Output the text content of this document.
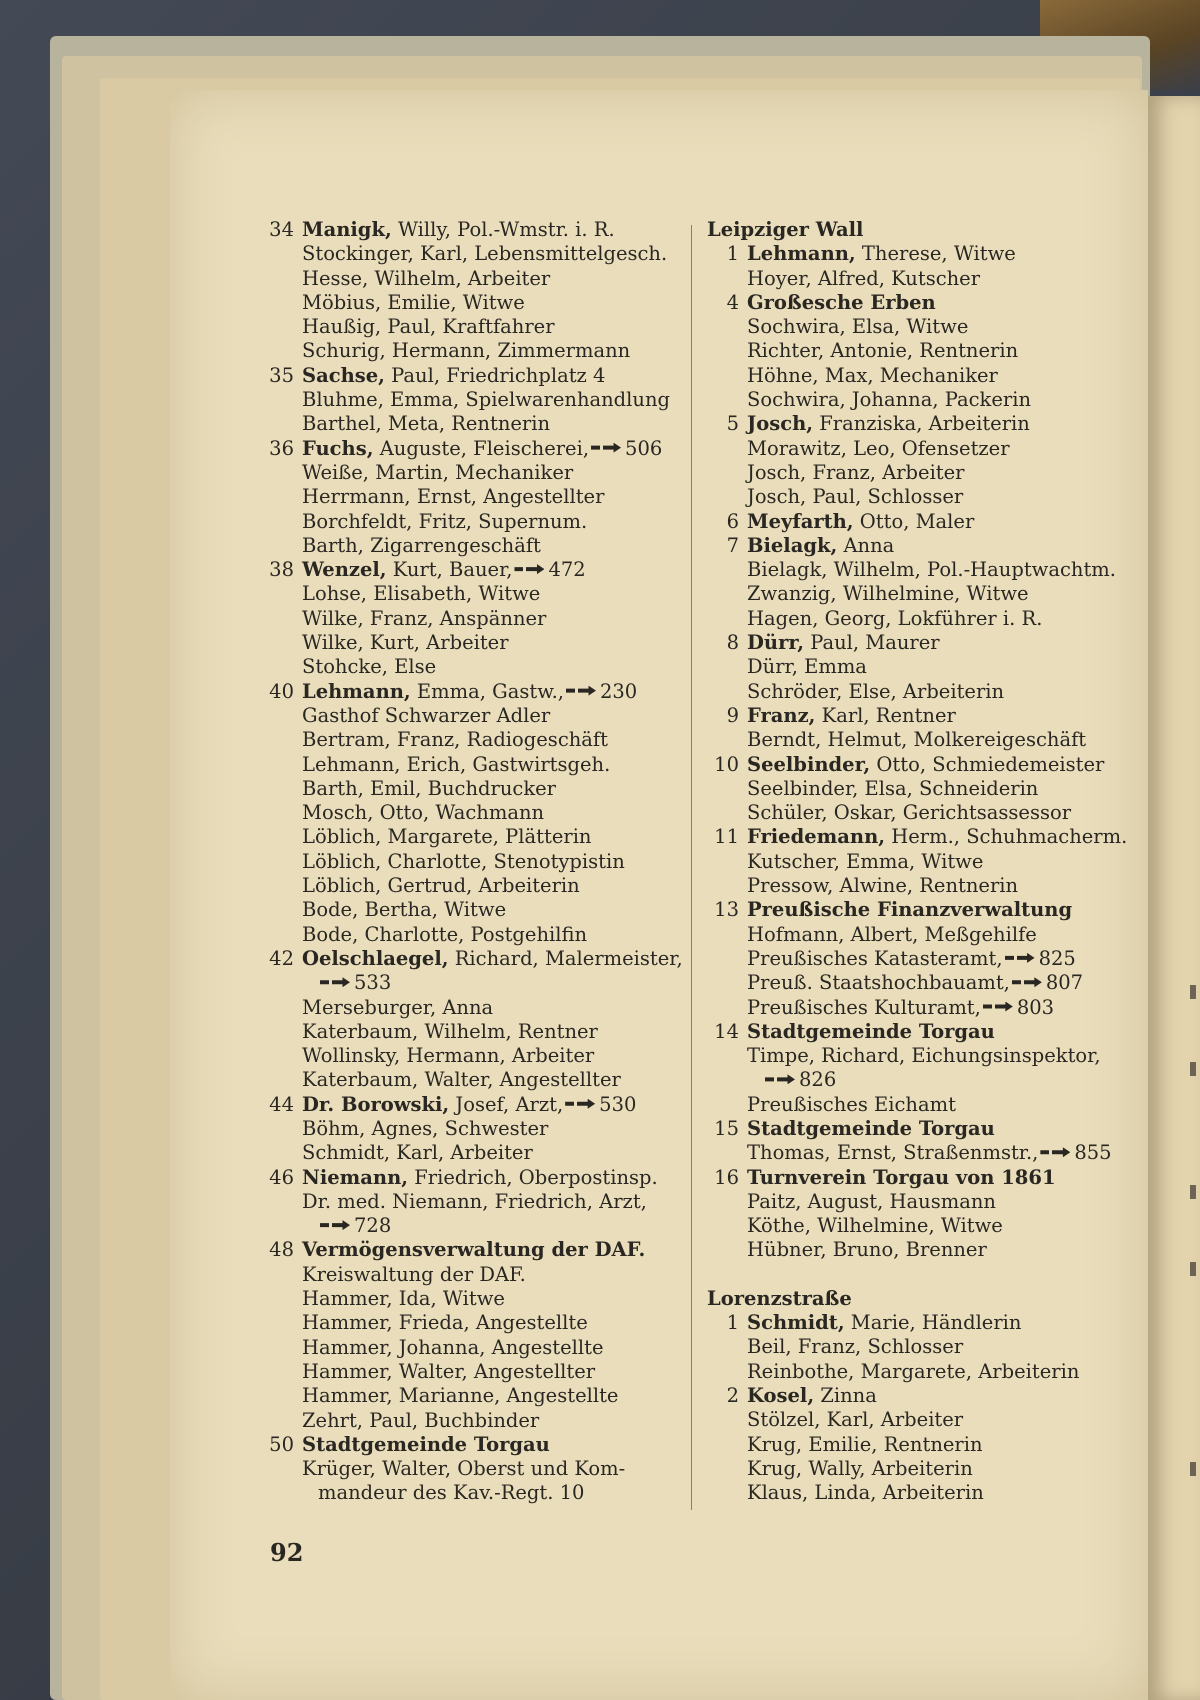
34 Manigk, Willy, Pol.-Wmstr. i. R.
Stockinger, Karl, Lebensmittelgesch.
Hesse, Wilhelm, Arbeiter
Möbius, Emilie, Witwe
Haußig, Paul, Kraftfahrer
Schurig, Hermann, Zimmermann
35 Sachse, Paul, Friedrichplatz 4
Bluhme, Emma, Spielwarenhandlung
Barthel, Meta, Rentnerin
36 Fuchs, Auguste, Fleischerei, 506
Weiße, Martin, Mechaniker
Herrmann, Ernst, Angestellter
Borchfeldt, Fritz, Supernum.
Barth, Zigarrengeschäft
38 Wenzel, Kurt, Bauer, 472
Lohse, Elisabeth, Witwe
Wilke, Franz, Anspänner
Wilke, Kurt, Arbeiter
Stohcke, Else
40 Lehmann, Emma, Gastw., 230
Gasthof Schwarzer Adler
Bertram, Franz, Radiogeschäft
Lehmann, Erich, Gastwirtsgeh.
Barth, Emil, Buchdrucker
Mosch, Otto, Wachmann
Löblich, Margarete, Plätterin
Löblich, Charlotte, Stenotypistin
Löblich, Gertrud, Arbeiterin
Bode, Bertha, Witwe
Bode, Charlotte, Postgehilfin
42 Oelschlaegel, Richard, Malermeister,
533
Merseburger, Anna
Katerbaum, Wilhelm, Rentner
Wollinsky, Hermann, Arbeiter
Katerbaum, Walter, Angestellter
44 Dr. Borowski, Josef, Arzt, 530
Böhm, Agnes, Schwester
Schmidt, Karl, Arbeiter
46 Niemann, Friedrich, Oberpostinsp.
Dr. med. Niemann, Friedrich, Arzt,
728
48 Vermögensverwaltung der DAF.
Kreiswaltung der DAF.
Hammer, Ida, Witwe
Hammer, Frieda, Angestellte
Hammer, Johanna, Angestellte
Hammer, Walter, Angestellter
Hammer, Marianne, Angestellte
Zehrt, Paul, Buchbinder
50 Stadtgemeinde Torgau
Krüger, Walter, Oberst und Kom-
mandeur des Kav.-Regt. 10
Leipziger Wall
1 Lehmann, Therese, Witwe
Hoyer, Alfred, Kutscher
4 Großesche Erben
Sochwira, Elsa, Witwe
Richter, Antonie, Rentnerin
Höhne, Max, Mechaniker
Sochwira, Johanna, Packerin
5 Josch, Franziska, Arbeiterin
Morawitz, Leo, Ofensetzer
Josch, Franz, Arbeiter
Josch, Paul, Schlosser
6 Meyfarth, Otto, Maler
7 Bielagk, Anna
Bielagk, Wilhelm, Pol.-Hauptwachtm.
Zwanzig, Wilhelmine, Witwe
Hagen, Georg, Lokführer i. R.
8 Dürr, Paul, Maurer
Dürr, Emma
Schröder, Else, Arbeiterin
9 Franz, Karl, Rentner
Berndt, Helmut, Molkereigeschäft
10 Seelbinder, Otto, Schmiedemeister
Seelbinder, Elsa, Schneiderin
Schüler, Oskar, Gerichtsassessor
11 Friedemann, Herm., Schuhmacherm.
Kutscher, Emma, Witwe
Pressow, Alwine, Rentnerin
13 Preußische Finanzverwaltung
Hofmann, Albert, Meßgehilfe
Preußisches Katasteramt, 825
Preuß. Staatshochbauamt, 807
Preußisches Kulturamt, 803
14 Stadtgemeinde Torgau
Timpe, Richard, Eichungsinspektor,
826
Preußisches Eichamt
15 Stadtgemeinde Torgau
Thomas, Ernst, Straßenmstr., 855
16 Turnverein Torgau von 1861
Paitz, August, Hausmann
Köthe, Wilhelmine, Witwe
Hübner, Bruno, Brenner
Lorenzstraße
1 Schmidt, Marie, Händlerin
Beil, Franz, Schlosser
Reinbothe, Margarete, Arbeiterin
2 Kosel, Zinna
Stölzel, Karl, Arbeiter
Krug, Emilie, Rentnerin
Krug, Wally, Arbeiterin
Klaus, Linda, Arbeiterin
92
